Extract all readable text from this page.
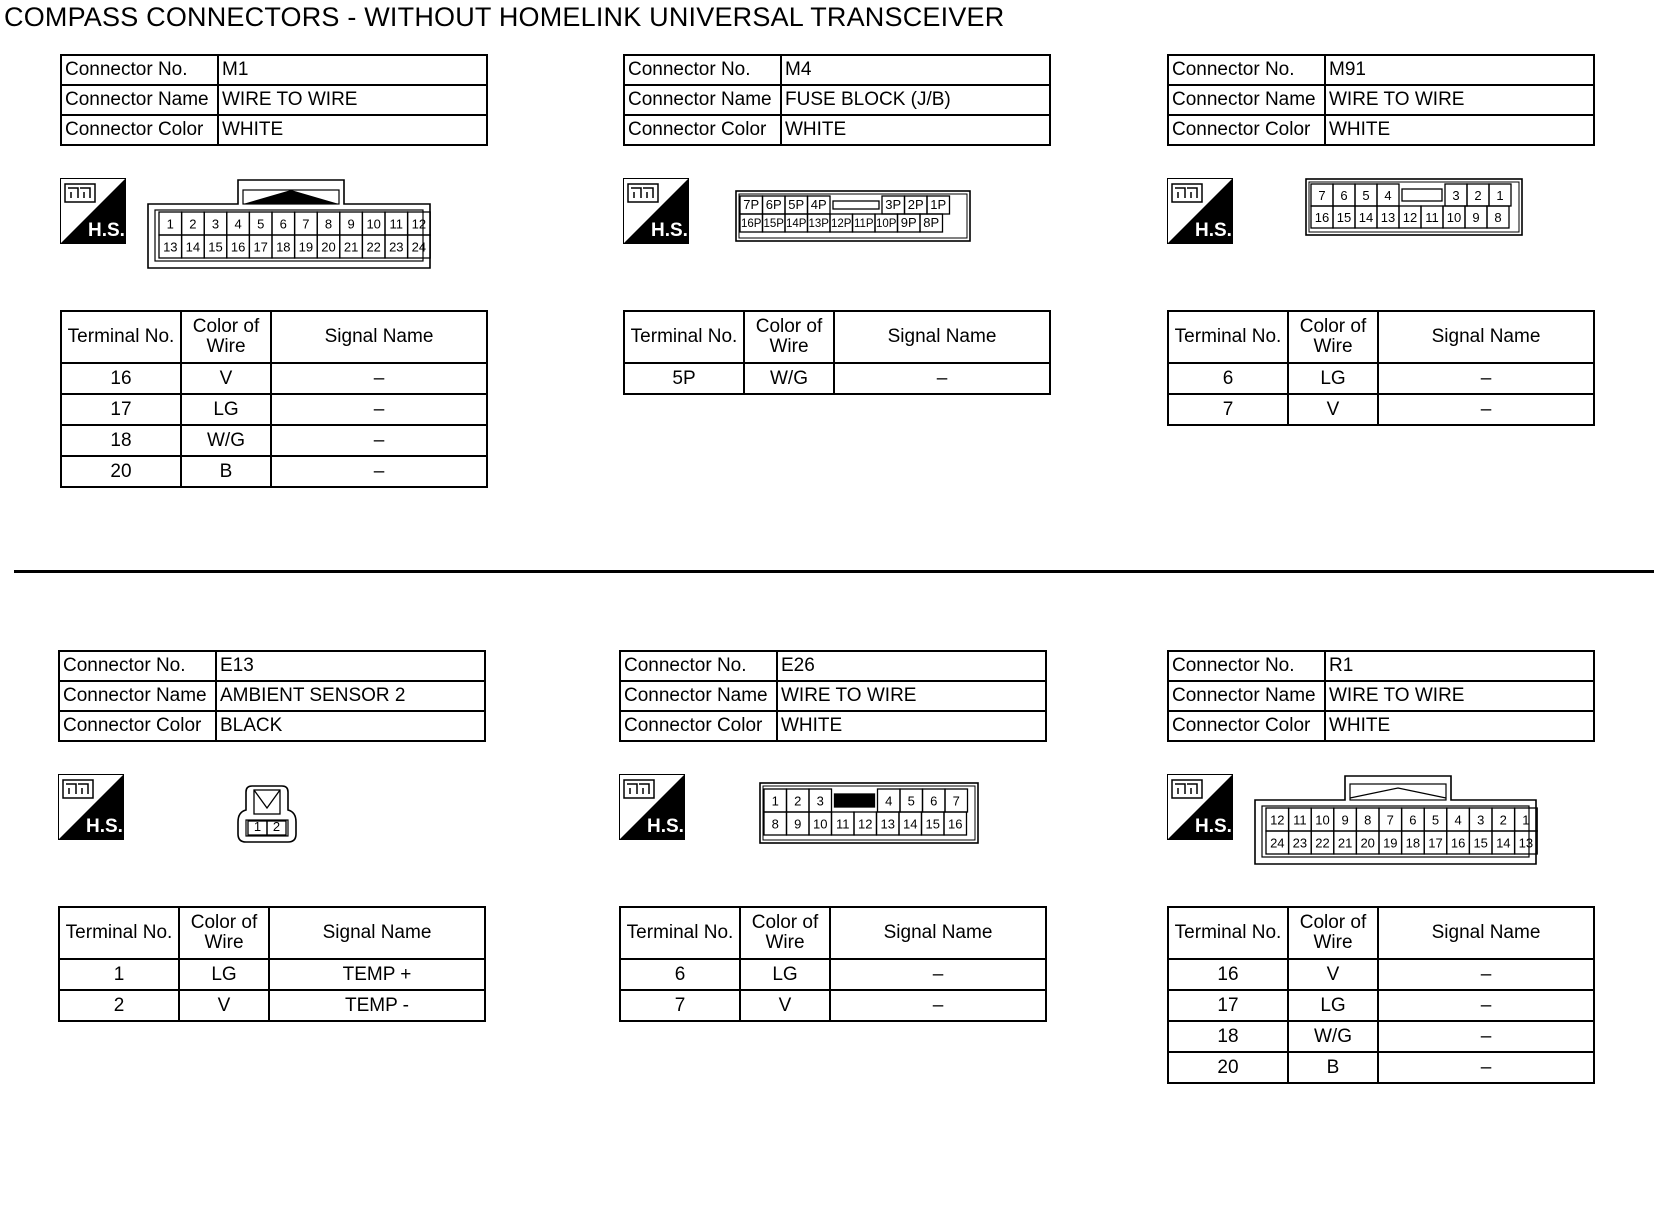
COMPASS CONNECTORS - WITHOUT HOMELINK UNIVERSAL TRANSCEIVER
Connector No.	M1
Connector Name	WIRE TO WIRE
Connector Color	WHITE
H.S.	1 2 3 4 5 6 7 8 9 10 11 12
13 14 15 16 17 18 19 20 21 22 23 24
Terminal No.	Color of Wire	Signal Name
16	V	–
17	LG	–
18	W/G	–
20	B	–
Connector No.	M4
Connector Name	FUSE BLOCK (J/B)
Connector Color	WHITE
H.S.
7P 6P 5P 4P	3P 2P 1P
16P 15P 14P 13P 12P 11P 10P 9P 8P
Terminal No.	Color of Wire	Signal Name
5P	W/G	–
Connector No.	M91
Connector Name	WIRE TO WIRE
Connector Color	WHITE
H.S.
7 6 5 4	3 2 1
16 15 14 13 12 11 10 9 8
Terminal No.	Color of Wire	Signal Name
6	LG	–
7	V	–
Connector No.	E13
Connector Name	AMBIENT SENSOR 2
Connector Color	BLACK
H.S.	1 2
Terminal No.	Color of Wire	Signal Name
1	LG	TEMP +
2	V	TEMP -
Connector No.	E26
Connector Name	WIRE TO WIRE
Connector Color	WHITE
H.S.
1 2 3	4 5 6 7
8 9 10 11 12 13 14 15 16
Terminal No.	Color of Wire	Signal Name
6	LG	–
7	V	–
Connector No.	R1
Connector Name	WIRE TO WIRE
Connector Color	WHITE
H.S.	12 11 10 9 8 7 6 5 4 3 2 1
24 23 22 21 20 19 18 17 16 15 14 13
Terminal No.	Color of Wire	Signal Name
16	V	–
17	LG	–
18	W/G	–
20	B	–
